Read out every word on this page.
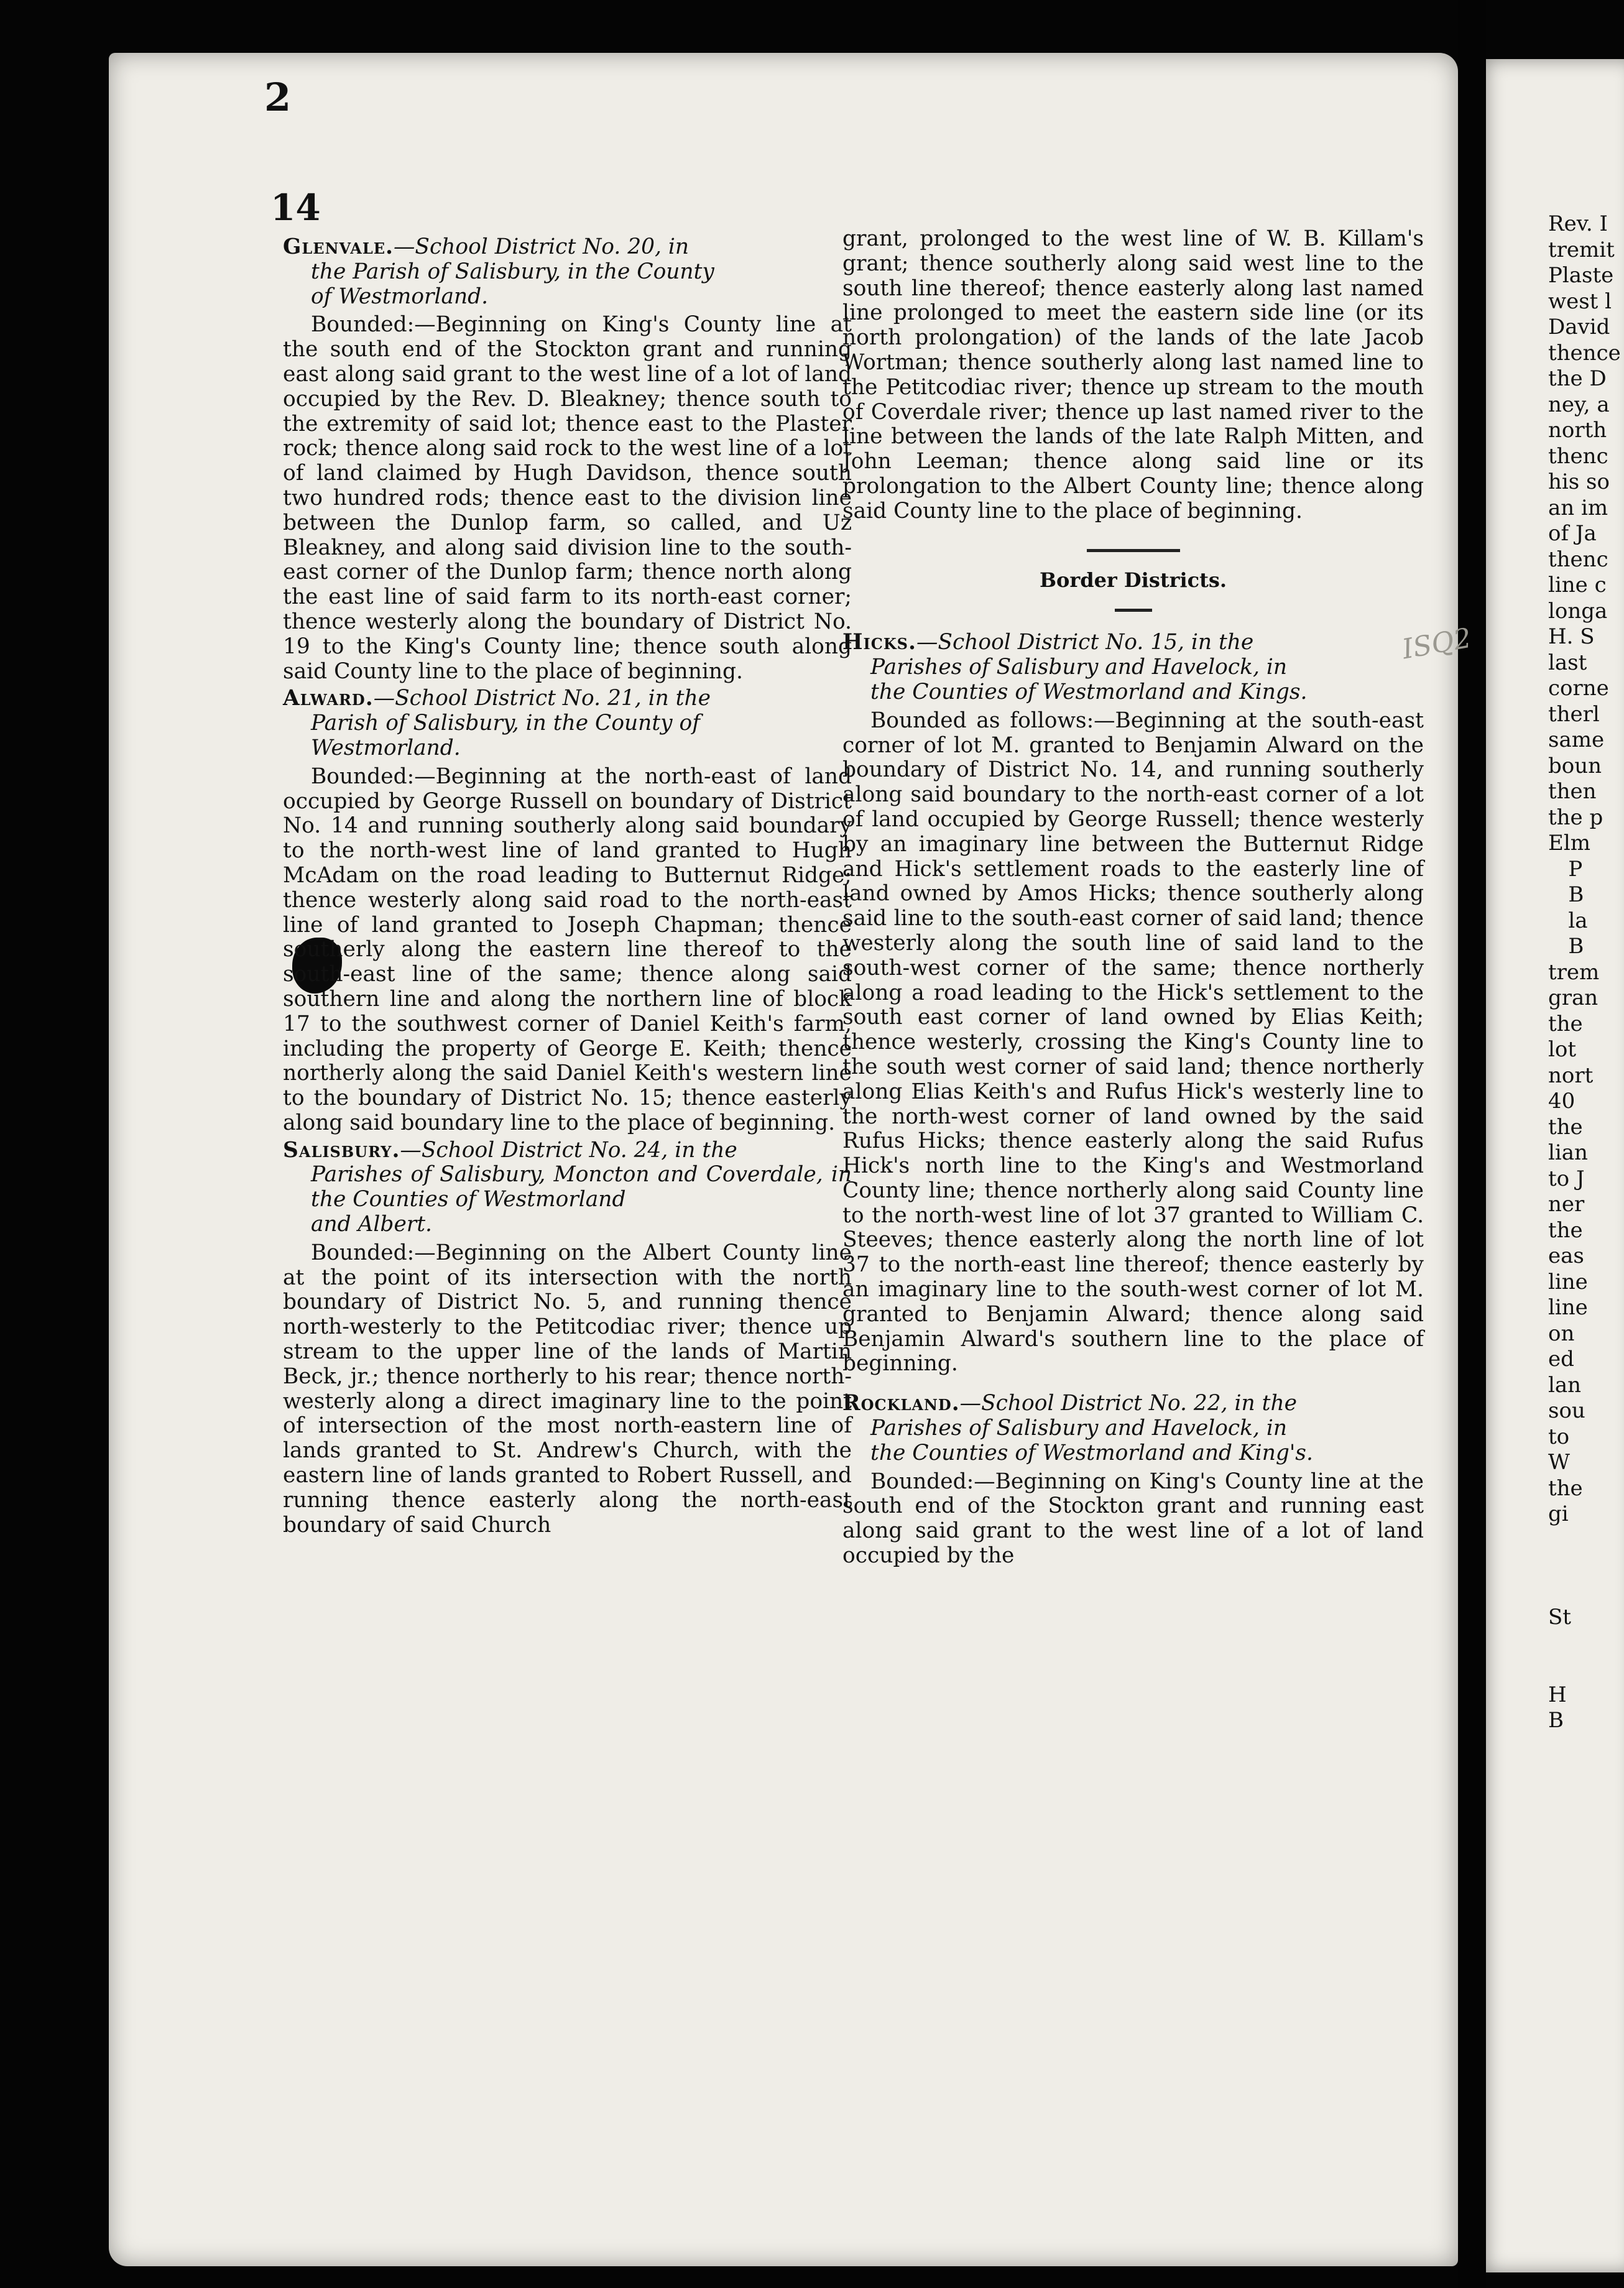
2
14
ISQ2
Glenvale.—School District No. 20, in
the Parish of Salisbury, in the County
of Westmorland.

Bounded:—Beginning on King's County line at the south end of the Stockton grant and running east along said grant to the west line of a lot of land occupied by the Rev. D. Bleakney; thence south to the extremity of said lot; thence east to the Plaster rock; thence along said rock to the west line of a lot of land claimed by Hugh Davidson, thence south two hundred rods; thence east to the division line between the Dunlop farm, so called, and Uz Bleakney, and along said division line to the south-east corner of the Dunlop farm; thence north along the east line of said farm to its north-east corner; thence westerly along the boundary of District No. 19 to the King's County line; thence south along said County line to the place of beginning.

Alward.—School District No. 21, in the
Parish of Salisbury, in the County of
Westmorland.

Bounded:—Beginning at the north-east of land occupied by George Russell on boundary of District No. 14 and running southerly along said boundary to the north-west line of land granted to Hugh McAdam on the road leading to Butternut Ridge; thence westerly along said road to the north-east line of land granted to Joseph Chapman; thence southerly along the eastern line thereof to the south-east line of the same; thence along said southern line and along the northern line of block 17 to the southwest corner of Daniel Keith's farm, including the property of George E. Keith; thence northerly along the said Daniel Keith's western line to the boundary of District No. 15; thence easterly along said boundary line to the place of beginning.

Salisbury.—School District No. 24, in the
Parishes of Salisbury, Moncton and Coverdale, in the Counties of Westmorland
and Albert.

Bounded:—Beginning on the Albert County line at the point of its intersection with the north boundary of District No. 5, and running thence north-westerly to the Petitcodiac river; thence up stream to the upper line of the lands of Martin Beck, jr.; thence northerly to his rear; thence north-westerly along a direct imaginary line to the point of intersection of the most north-eastern line of lands granted to St. Andrew's Church, with the eastern line of lands granted to Robert Russell, and running thence easterly along the north-east boundary of said Church

grant, prolonged to the west line of W. B. Killam's grant; thence southerly along said west line to the south line thereof; thence easterly along last named line prolonged to meet the eastern side line (or its north prolongation) of the lands of the late Jacob Wortman; thence southerly along last named line to the Petitcodiac river; thence up stream to the mouth of Coverdale river; thence up last named river to the line between the lands of the late Ralph Mitten, and John Leeman; thence along said line or its prolongation to the Albert County line; thence along said County line to the place of beginning.

Border Districts.
Hicks.—School District No. 15, in the
Parishes of Salisbury and Havelock, in
the Counties of Westmorland and Kings.

Bounded as follows:—Beginning at the south-east corner of lot M. granted to Benjamin Alward on the boundary of District No. 14, and running southerly along said boundary to the north-east corner of a lot of land occupied by George Russell; thence westerly by an imaginary line between the Butternut Ridge and Hick's settlement roads to the easterly line of land owned by Amos Hicks; thence southerly along said line to the south-east corner of said land; thence westerly along the south line of said land to the south-west corner of the same; thence northerly along a road leading to the Hick's settlement to the south east corner of land owned by Elias Keith; thence westerly, crossing the King's County line to the south west corner of said land; thence northerly along Elias Keith's and Rufus Hick's westerly line to the north-west corner of land owned by the said Rufus Hicks; thence easterly along the said Rufus Hick's north line to the King's and Westmorland County line; thence northerly along said County line to the north-west line of lot 37 granted to William C. Steeves; thence easterly along the north line of lot 37 to the north-east line thereof; thence easterly by an imaginary line to the south-west corner of lot M. granted to Benjamin Alward; thence along said Benjamin Alward's southern line to the place of beginning.

Rockland.—School District No. 22, in the
Parishes of Salisbury and Havelock, in
the Counties of Westmorland and King's.

Bounded:—Beginning on King's County line at the south end of the Stockton grant and running east along said grant to the west line of a lot of land occupied by the

Rev. I
tremit
Plaste
west l
David
thence
the D
ney, a
north
thenc
his so
an im
of Ja
thenc
line c
longa
H. S
last
corne
therl
same
boun
then
the p
Elm
P
B
la
B
trem
gran
the
lot
nort
40
the
lian
to J
ner
the
eas
line
line
on
ed
lan
sou
to
W
the
gi

St

H
B
